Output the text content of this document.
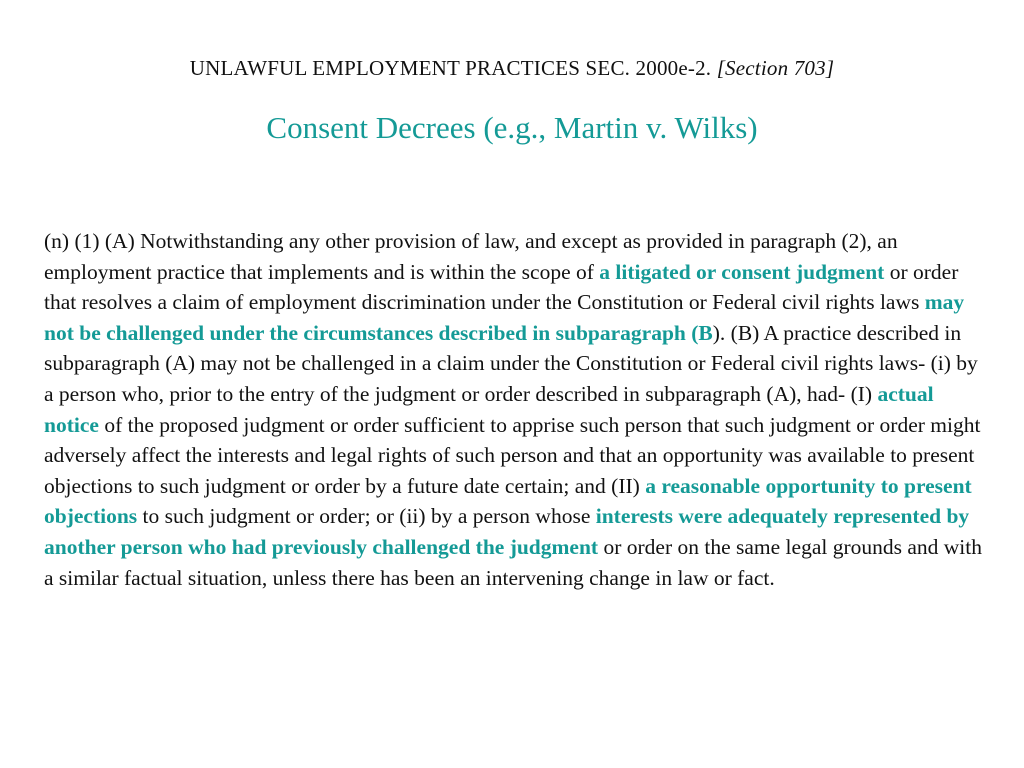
UNLAWFUL EMPLOYMENT PRACTICES SEC. 2000e-2. [Section 703]
Consent Decrees (e.g., Martin v. Wilks)

(n) (1) (A) Notwithstanding any other provision of law, and except as provided in paragraph (2), an employment practice that implements and is within the scope of a litigated or consent judgment or order that resolves a claim of employment discrimination under the Constitution or Federal civil rights laws may not be challenged under the circumstances described in subparagraph (B). (B) A practice described in subparagraph (A) may not be challenged in a claim under the Constitution or Federal civil rights laws- (i) by a person who, prior to the entry of the judgment or order described in subparagraph (A), had- (I) actual notice of the proposed judgment or order sufficient to apprise such person that such judgment or order might adversely affect the interests and legal rights of such person and that an opportunity was available to present objections to such judgment or order by a future date certain; and (II) a reasonable opportunity to present objections to such judgment or order; or (ii) by a person whose interests were adequately represented by another person who had previously challenged the judgment or order on the same legal grounds and with a similar factual situation, unless there has been an intervening change in law or fact.
